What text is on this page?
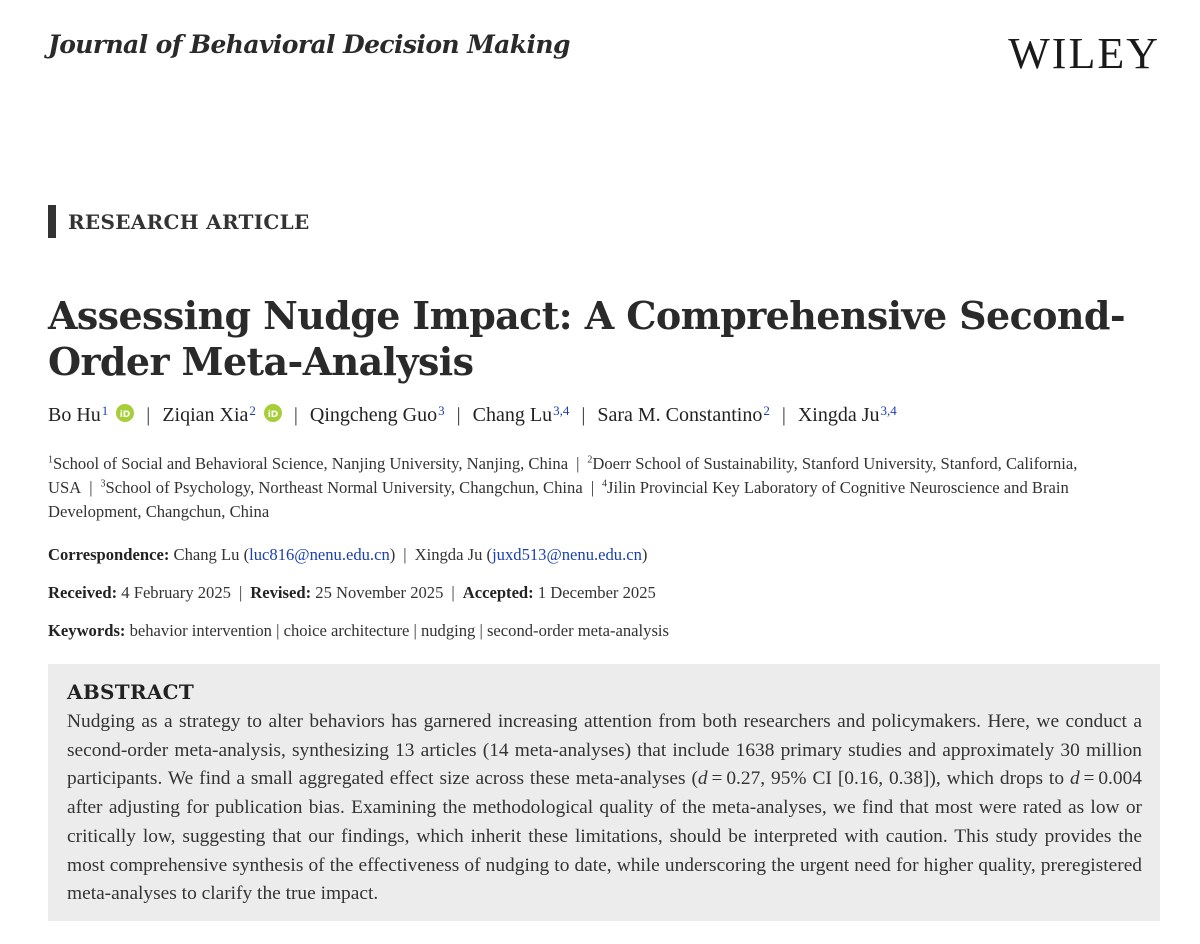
Journal of Behavioral Decision Making	WILEY
RESEARCH ARTICLE
Assessing Nudge Impact: A Comprehensive Second-Order Meta-Analysis
Bo Hu$^1$ iD | Ziqian Xia$^2$ iD | Qingcheng Guo$^3$ | Chang Lu$^{3,4}$ | Sara M. Constantino$^2$ | Xingda Ju$^{3,4}$
$^1$School of Social and Behavioral Science, Nanjing University, Nanjing, China | $^2$Doerr School of Sustainability, Stanford University, Stanford, California, USA | $^3$School of Psychology, Northeast Normal University, Changchun, China | $^4$Jilin Provincial Key Laboratory of Cognitive Neuroscience and Brain Development, Changchun, China
Correspondence: Chang Lu (luc816@nenu.edu.cn) | Xingda Ju (juxd513@nenu.edu.cn)
Received: 4 February 2025 | Revised: 25 November 2025 | Accepted: 1 December 2025
Keywords: behavior intervention | choice architecture | nudging | second-order meta-analysis
ABSTRACT

Nudging as a strategy to alter behaviors has garnered increasing attention from both researchers and policymakers. Here, we conduct a second-order meta-analysis, synthesizing 13 articles (14 meta-analyses) that include 1638 primary studies and approximately 30 million participants. We find a small aggregated effect size across these meta-analyses (d = 0.27, 95% CI [0.16, 0.38]), which drops to d = 0.004 after adjusting for publication bias. Examining the methodological quality of the meta-analyses, we find that most were rated as low or critically low, suggesting that our findings, which inherit these limitations, should be interpreted with caution. This study provides the most comprehensive synthesis of the effectiveness of nudging to date, while underscoring the urgent need for higher quality, preregistered meta-analyses to clarify the true impact.
